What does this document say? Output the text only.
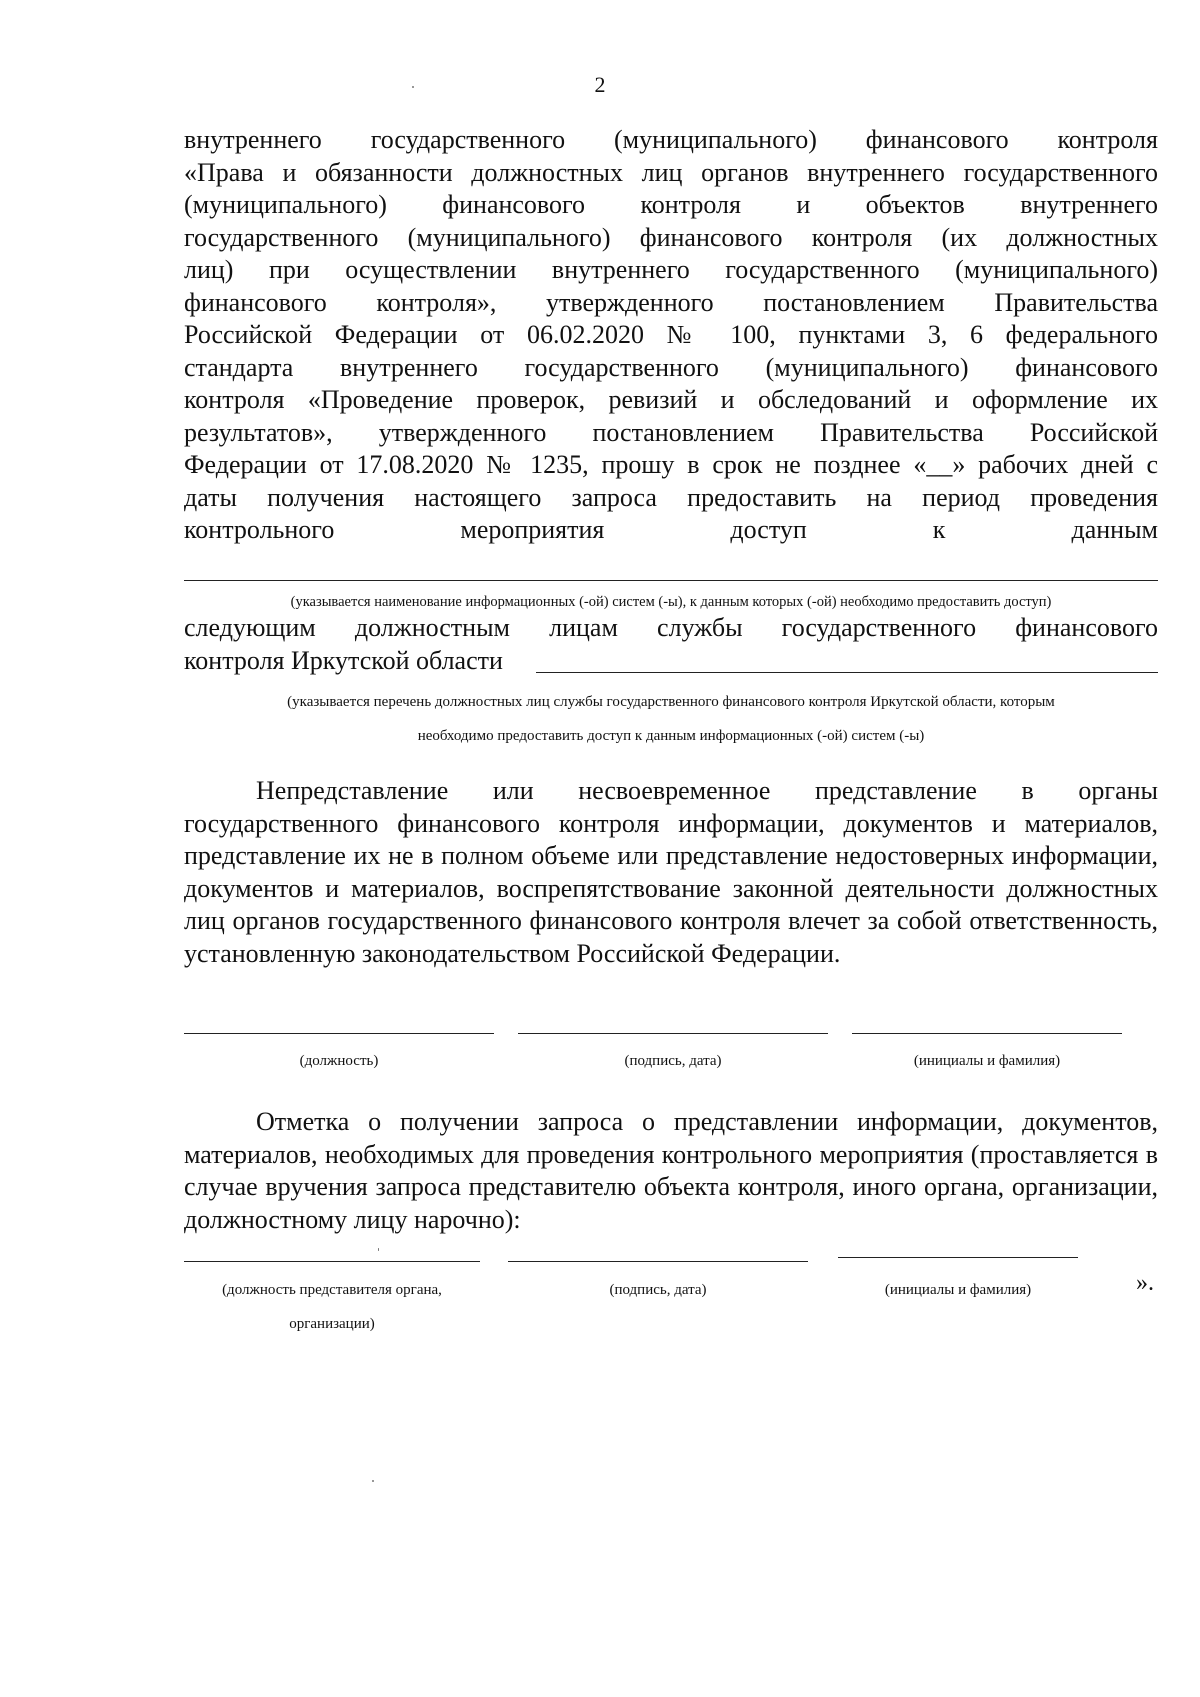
2

внутреннего государственного (муниципального) финансового контроля

«Права и обязанности должностных лиц органов внутреннего государственного

(муниципального) финансового контроля и объектов внутреннего

государственного (муниципального) финансового контроля (их должностных

лиц) при осуществлении внутреннего государственного (муниципального)

финансового контроля», утвержденного постановлением Правительства

Российской Федерации от 06.02.2020 № 100, пунктами 3, 6 федерального

стандарта внутреннего государственного (муниципального) финансового

контроля «Проведение проверок, ревизий и обследований и оформление их

результатов», утвержденного постановлением Правительства Российской

Федерации от 17.08.2020 № 1235, прошу в срок не позднее «__» рабочих дней с

даты получения настоящего запроса предоставить на период проведения

контрольного мероприятия доступ к данным

(указывается наименование информационных (-ой) систем (-ы), к данным которых (-ой) необходимо предоставить доступ)
следующим должностным лицам службы государственного финансового
контроля Иркутской области
(указывается перечень должностных лиц службы государственного финансового контроля Иркутской области, которым
необходимо предоставить доступ к данным информационных (-ой) систем (-ы)

Непредставление или несвоевременное представление в органы государственного финансового контроля информации, документов и материалов, представление их не в полном объеме или представление недостоверных информации, документов и материалов, воспрепятствование законной деятельности должностных лиц органов государственного финансового контроля влечет за собой ответственность, установленную законодательством Российской Федерации.

(должность)	(подпись, дата)	(инициалы и фамилия)

Отметка о получении запроса о представлении информации, документов, материалов, необходимых для проведения контрольного мероприятия (проставляется в случае вручения запроса представителю объекта контроля, иного органа, организации, должностному лицу нарочно):

(должность представителя органа,
организации)
(подпись, дата)	(инициалы и фамилия)	».
